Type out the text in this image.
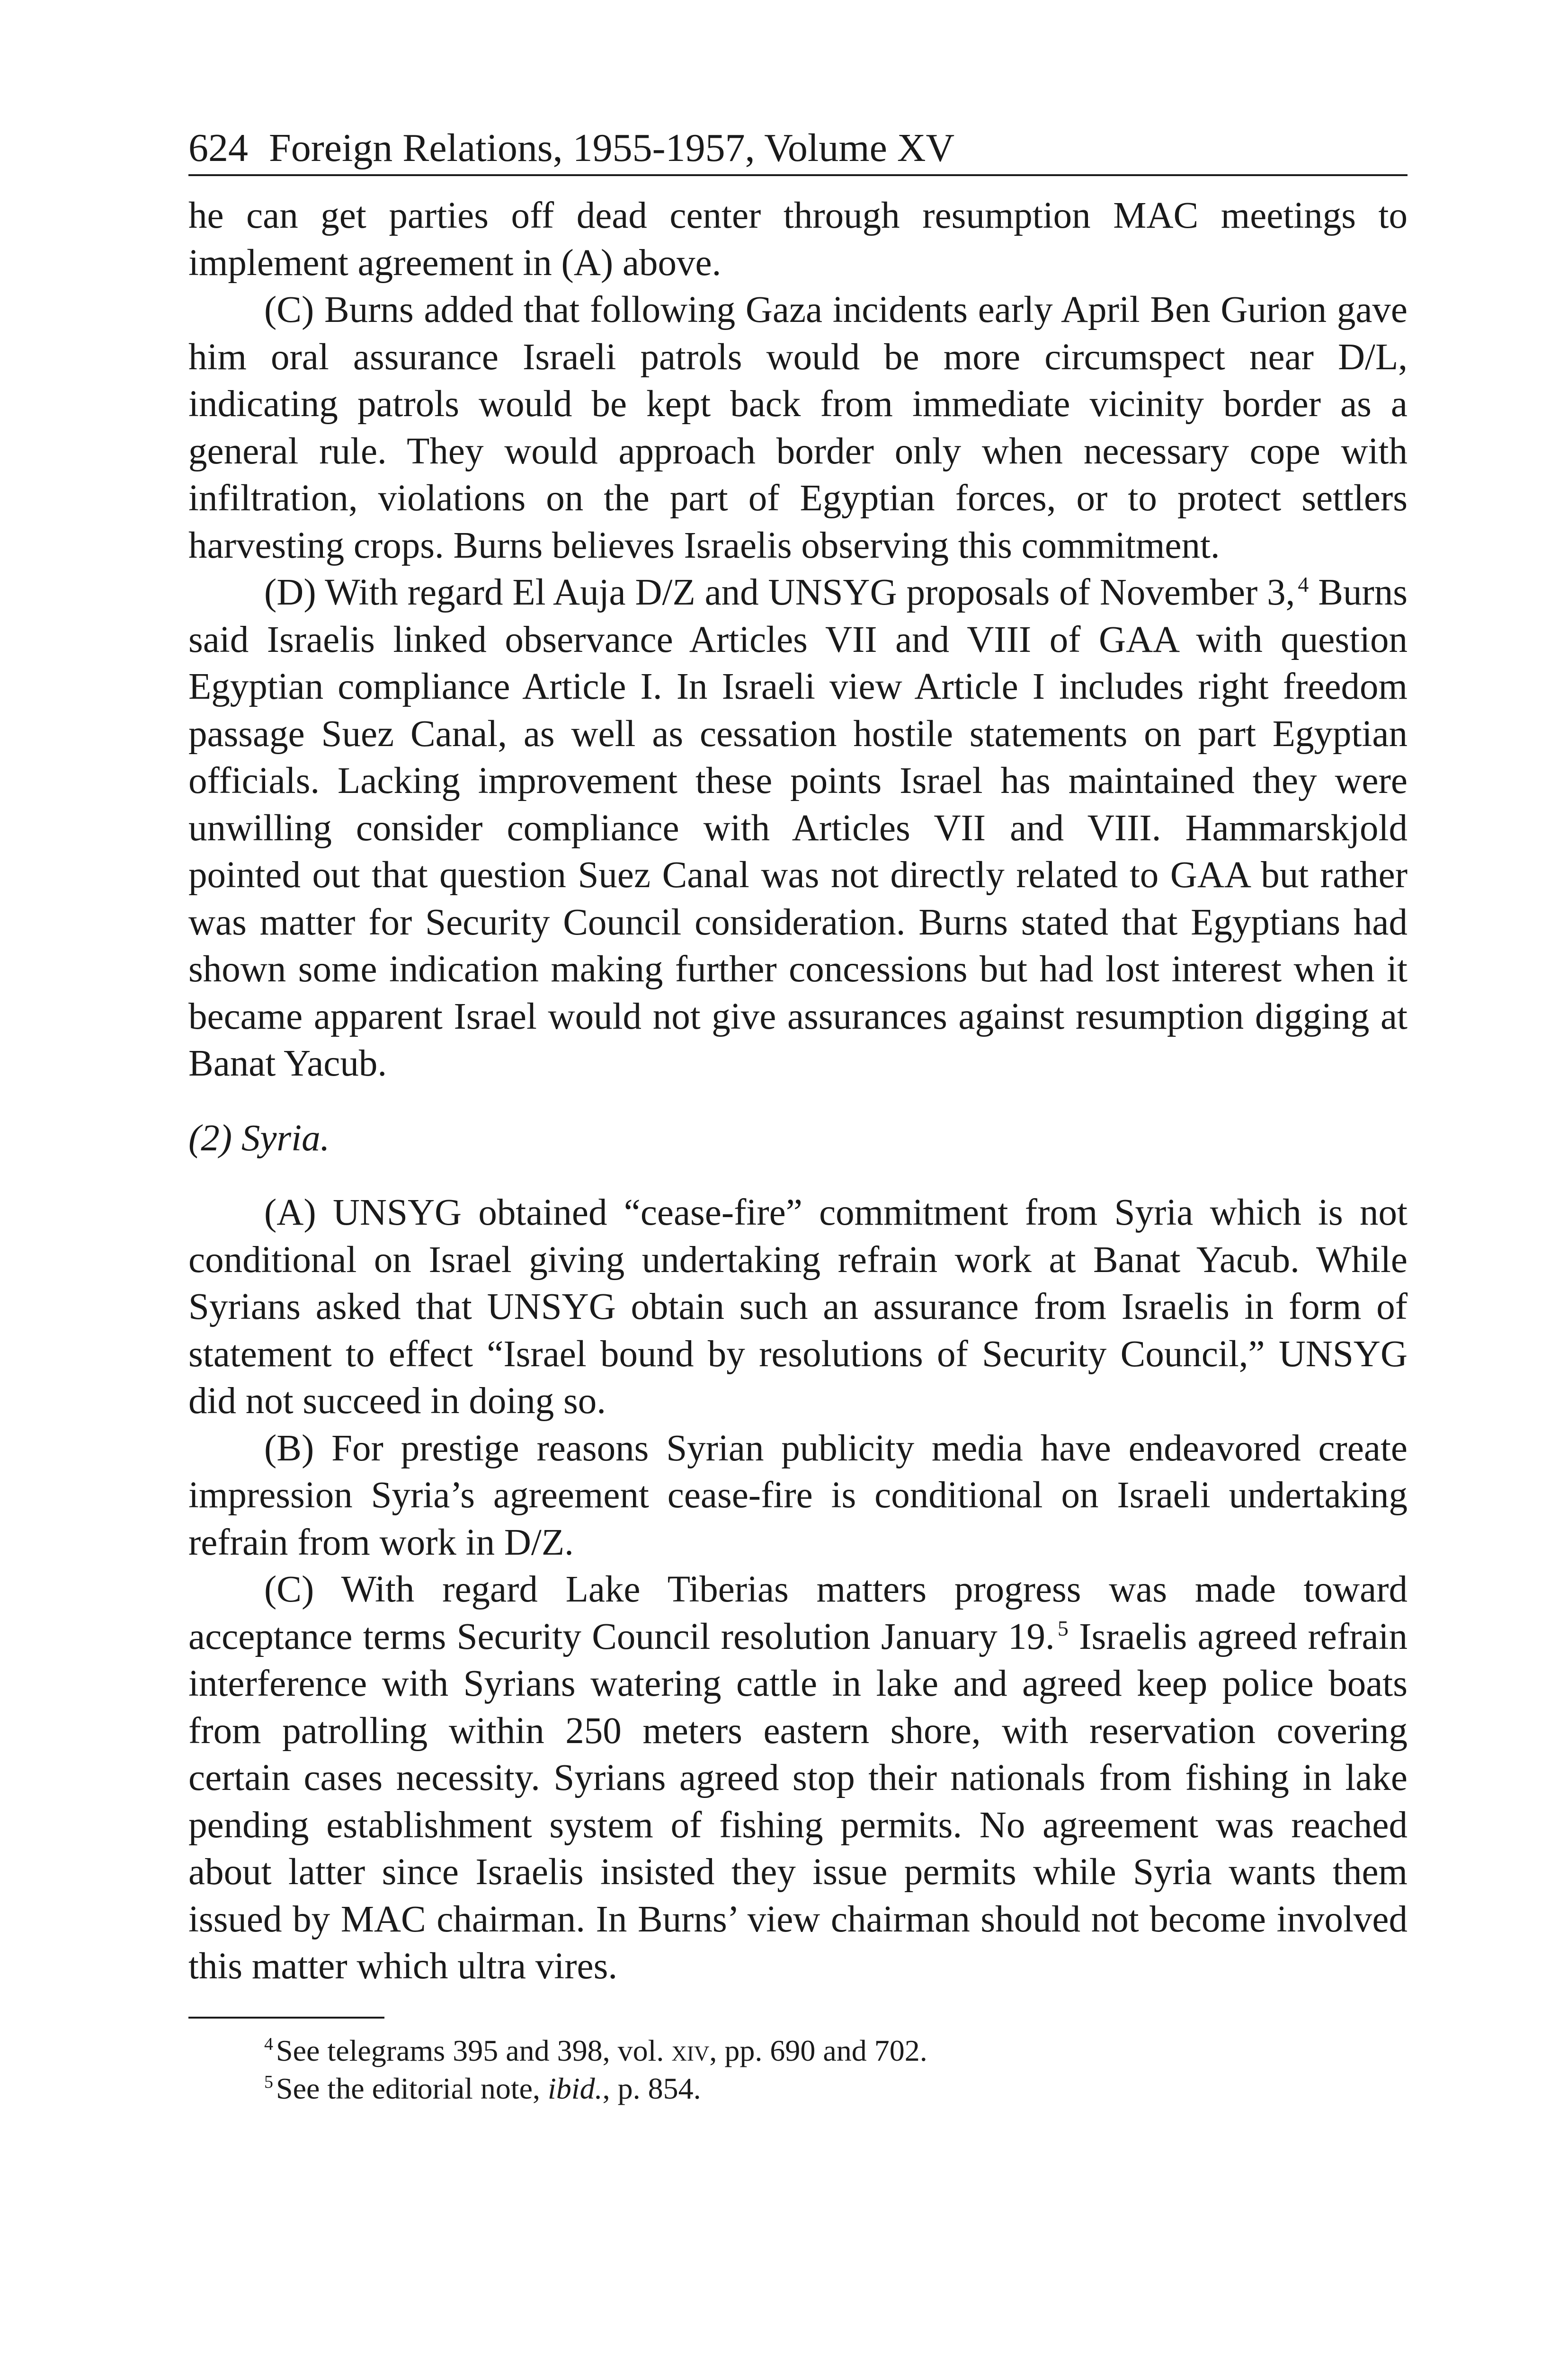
624 Foreign Relations, 1955-1957, Volume XV

he can get parties off dead center through resumption MAC meetings to implement agreement in (A) above.

(C) Burns added that following Gaza incidents early April Ben Gurion gave him oral assurance Israeli patrols would be more circumspect near D/L, indicating patrols would be kept back from immediate vicinity border as a general rule. They would approach border only when necessary cope with infiltration, violations on the part of Egyptian forces, or to protect settlers harvesting crops. Burns believes Israelis observing this commitment.

(D) With regard El Auja D/Z and UNSYG proposals of November 3, $^4$ Burns said Israelis linked observance Articles VII and VIII of GAA with question Egyptian compliance Article I. In Israeli view Article I includes right freedom passage Suez Canal, as well as cessation hostile statements on part Egyptian officials. Lacking improvement these points Israel has maintained they were unwilling consider compliance with Articles VII and VIII. Hammarskjold pointed out that question Suez Canal was not directly related to GAA but rather was matter for Security Council consideration. Burns stated that Egyptians had shown some indication making further concessions but had lost interest when it became apparent Israel would not give assurances against resumption digging at Banat Yacub.

(2) Syria.

(A) UNSYG obtained “cease-fire” commitment from Syria which is not conditional on Israel giving undertaking refrain work at Banat Yacub. While Syrians asked that UNSYG obtain such an assurance from Israelis in form of statement to effect “Israel bound by resolutions of Security Council,” UNSYG did not succeed in doing so.

(B) For prestige reasons Syrian publicity media have endeavored create impression Syria’s agreement cease-fire is conditional on Israeli undertaking refrain from work in D/Z.

(C) With regard Lake Tiberias matters progress was made toward acceptance terms Security Council resolution January 19. $^5$ Israelis agreed refrain interference with Syrians watering cattle in lake and agreed keep police boats from patrolling within 250 meters eastern shore, with reservation covering certain cases necessity. Syrians agreed stop their nationals from fishing in lake pending establishment system of fishing permits. No agreement was reached about latter since Israelis insisted they issue permits while Syria wants them issued by MAC chairman. In Burns’ view chairman should not become involved this matter which ultra vires.

$^4$See telegrams 395 and 398, vol. xiv, pp. 690 and 702.
$^5$See the editorial note, ibid., p. 854.
